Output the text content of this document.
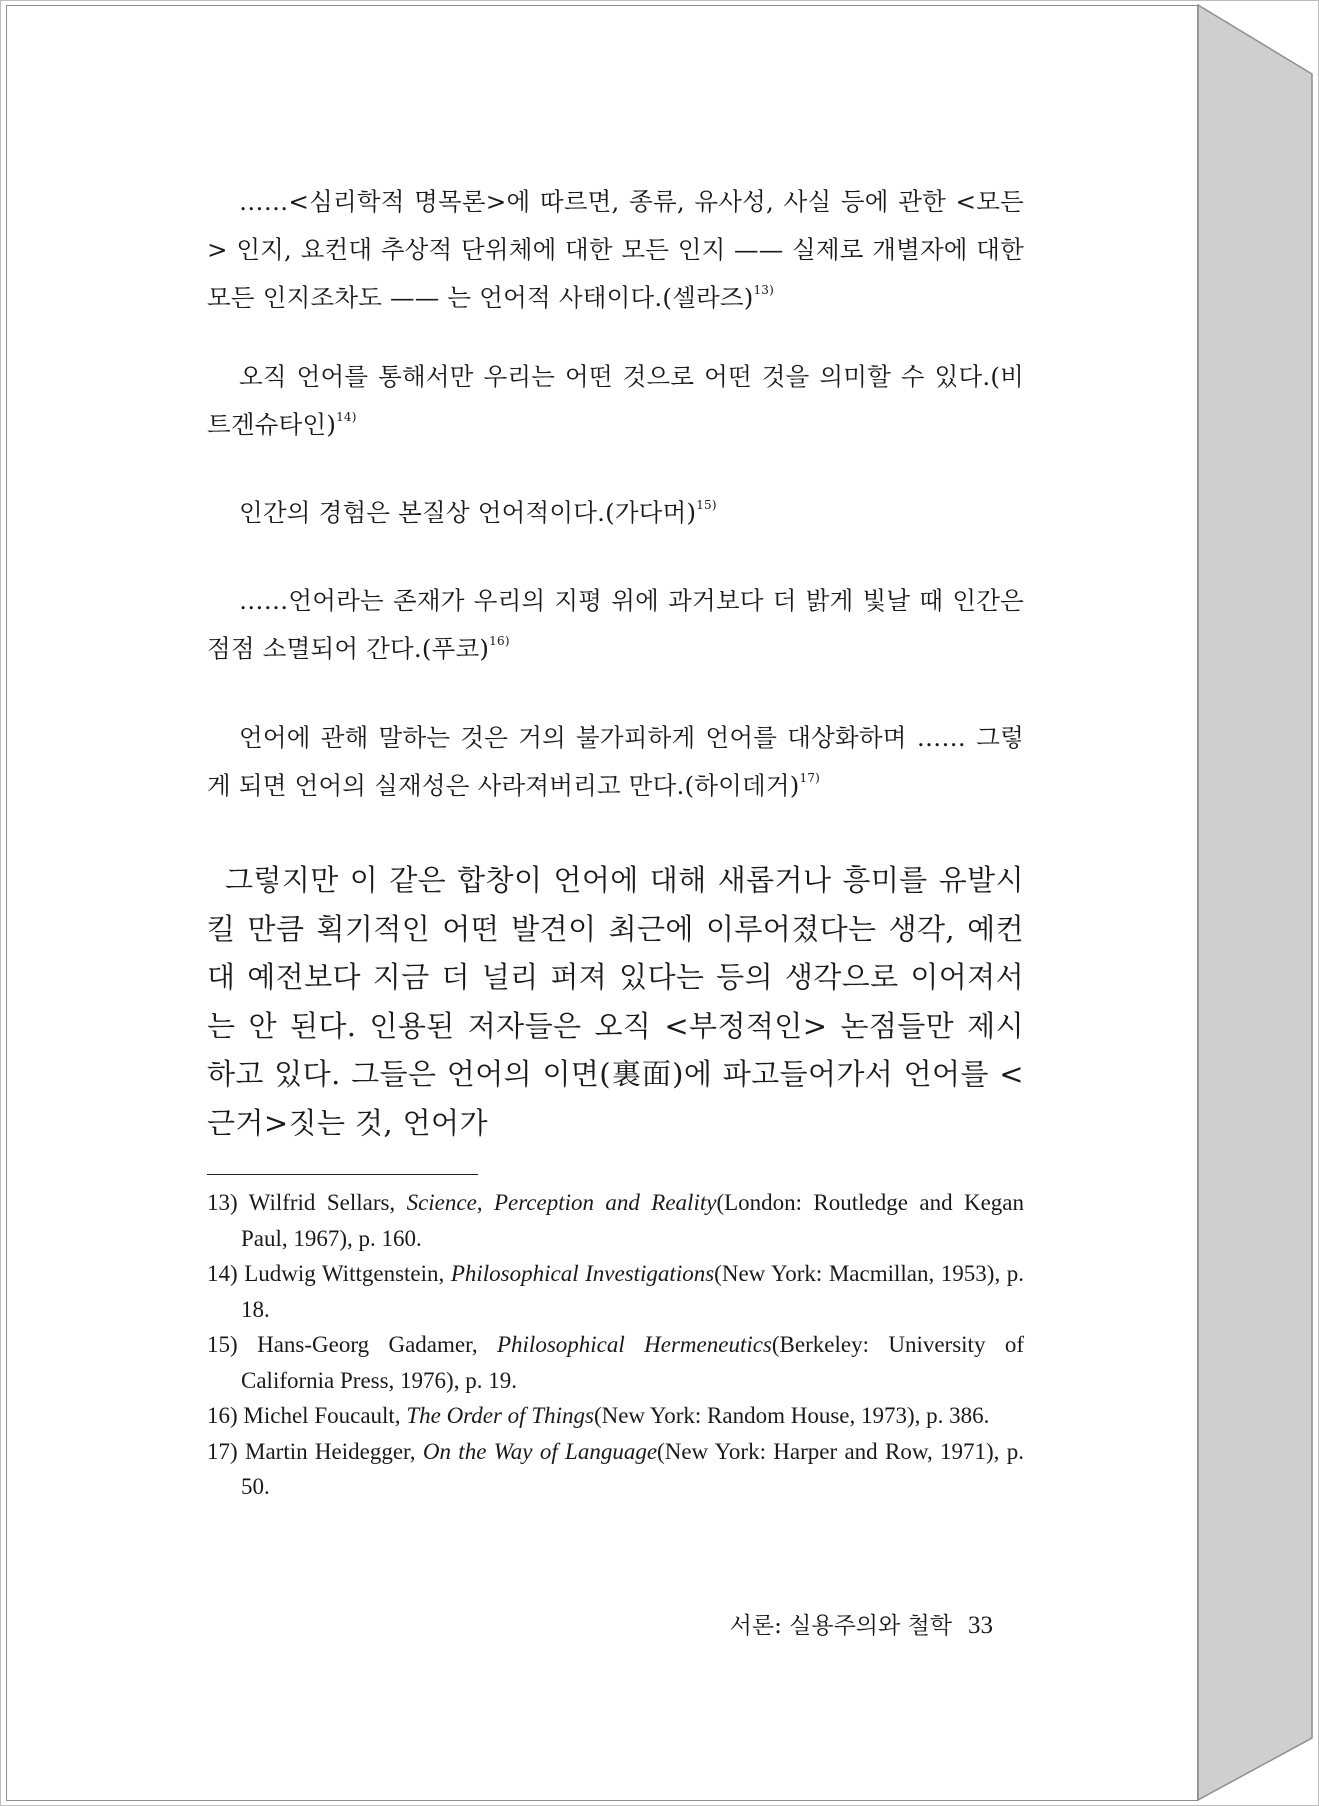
……<심리학적 명목론>에 따르면, 종류, 유사성, 사실 등에 관한 <모든> 인지, 요컨대 추상적 단위체에 대한 모든 인지 —— 실제로 개별자에 대한 모든 인지조차도 —— 는 언어적 사태이다.(셀라즈)$^{13)}$

오직 언어를 통해서만 우리는 어떤 것으로 어떤 것을 의미할 수 있다.(비트겐슈타인)$^{14)}$

인간의 경험은 본질상 언어적이다.(가다머)$^{15)}$

……언어라는 존재가 우리의 지평 위에 과거보다 더 밝게 빛날 때 인간은 점점 소멸되어 간다.(푸코)$^{16)}$

언어에 관해 말하는 것은 거의 불가피하게 언어를 대상화하며 …… 그렇게 되면 언어의 실재성은 사라져버리고 만다.(하이데거)$^{17)}$

그렇지만 이 같은 합창이 언어에 대해 새롭거나 흥미를 유발시킬 만큼 획기적인 어떤 발견이 최근에 이루어졌다는 생각, 예컨대 예전보다 지금 더 널리 퍼져 있다는 등의 생각으로 이어져서는 안 된다. 인용된 저자들은 오직 <부정적인> 논점들만 제시하고 있다. 그들은 언어의 이면(裏面)에 파고들어가서 언어를 <근거>짓는 것, 언어가

13) Wilfrid Sellars, Science, Perception and Reality(London: Routledge and Kegan Paul, 1967), p. 160.

14) Ludwig Wittgenstein, Philosophical Investigations(New York: Macmillan, 1953), p. 18.

15) Hans-Georg Gadamer, Philosophical Hermeneutics(Berkeley: University of California Press, 1976), p. 19.

16) Michel Foucault, The Order of Things(New York: Random House, 1973), p. 386.

17) Martin Heidegger, On the Way of Language(New York: Harper and Row, 1971), p. 50.

서론: 실용주의와 철학 33
